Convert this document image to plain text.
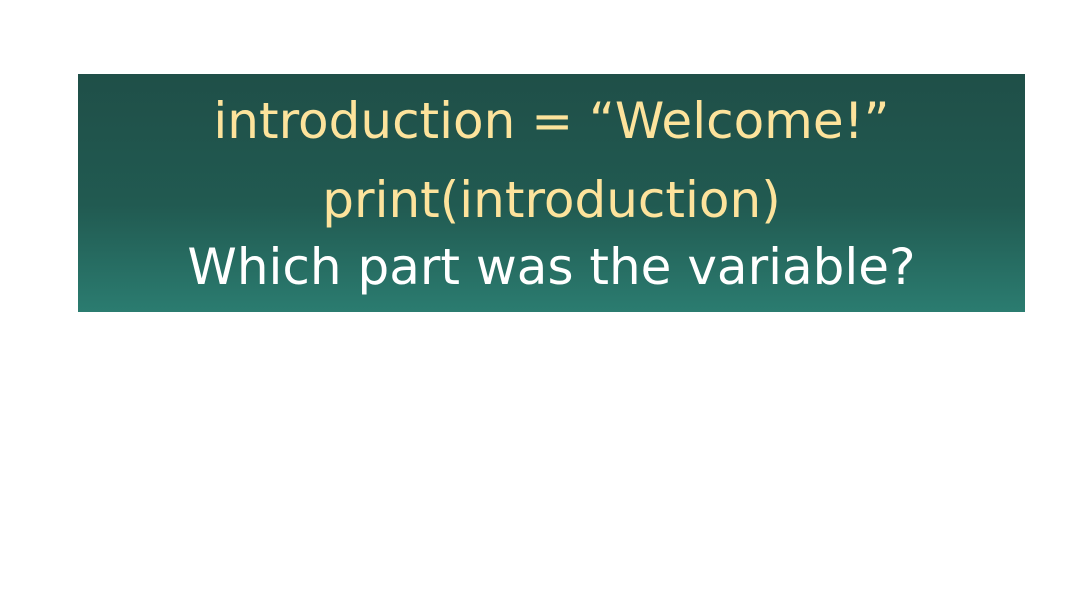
introduction = “Welcome!”
print(introduction)
Which part was the variable?
